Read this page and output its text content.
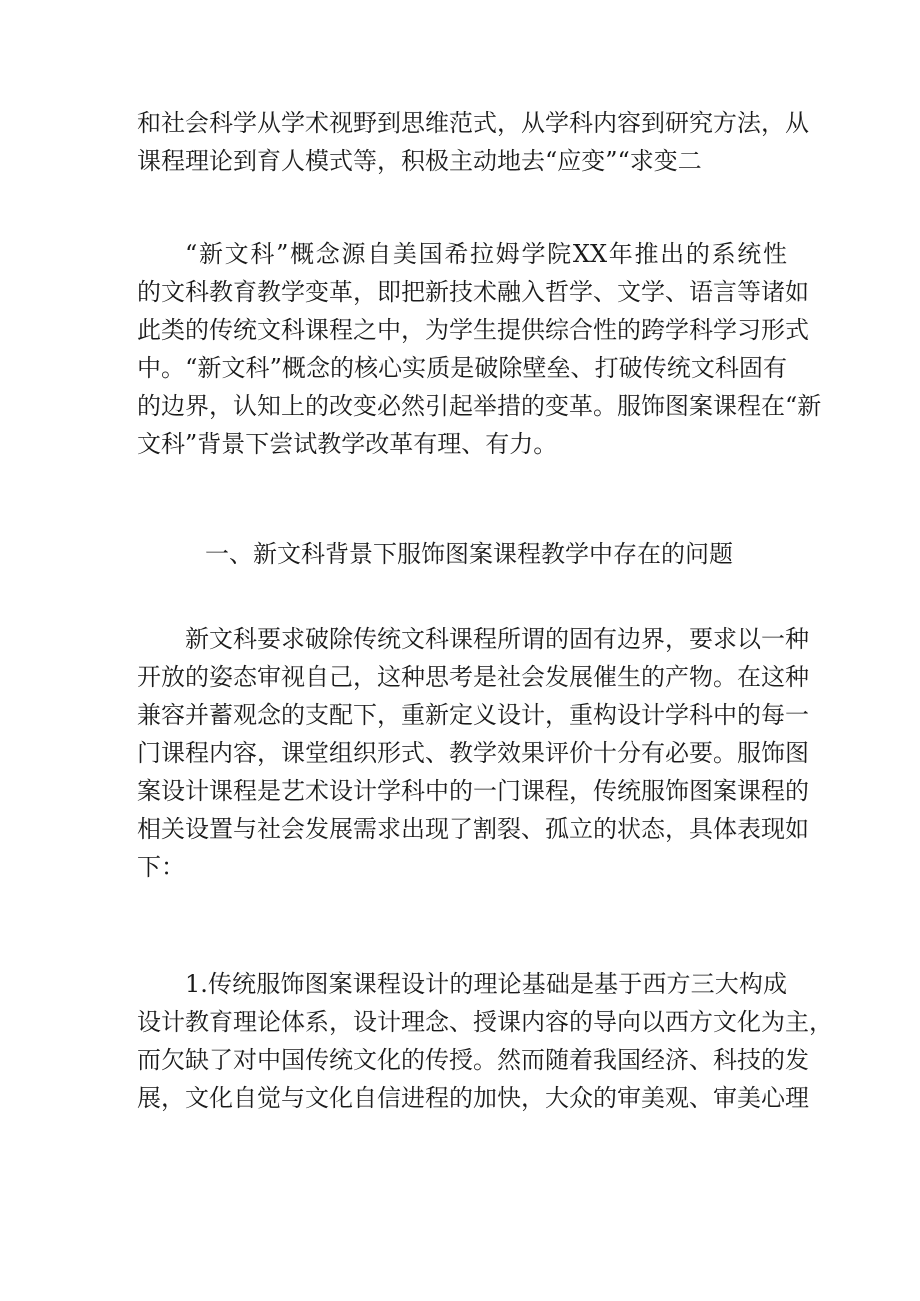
和社会科学从学术视野到思维范式，从学科内容到研究方法，从
课程理论到育人模式等，积极主动地去“应变”“求变二
“新文科”概念源自美国希拉姆学院XX年推出的系统性
的文科教育教学变革，即把新技术融入哲学、文学、语言等诸如
此类的传统文科课程之中，为学生提供综合性的跨学科学习形式
中。“新文科”概念的核心实质是破除壁垒、打破传统文科固有
的边界，认知上的改变必然引起举措的变革。服饰图案课程在“新
文科”背景下尝试教学改革有理、有力。
一、新文科背景下服饰图案课程教学中存在的问题
新文科要求破除传统文科课程所谓的固有边界，要求以一种
开放的姿态审视自己，这种思考是社会发展催生的产物。在这种
兼容并蓄观念的支配下，重新定义设计，重构设计学科中的每一
门课程内容，课堂组织形式、教学效果评价十分有必要。服饰图
案设计课程是艺术设计学科中的一门课程，传统服饰图案课程的
相关设置与社会发展需求出现了割裂、孤立的状态，具体表现如
下：
1.传统服饰图案课程设计的理论基础是基于西方三大构成
设计教育理论体系，设计理念、授课内容的导向以西方文化为主，
而欠缺了对中国传统文化的传授。然而随着我国经济、科技的发
展，文化自觉与文化自信进程的加快，大众的审美观、审美心理
